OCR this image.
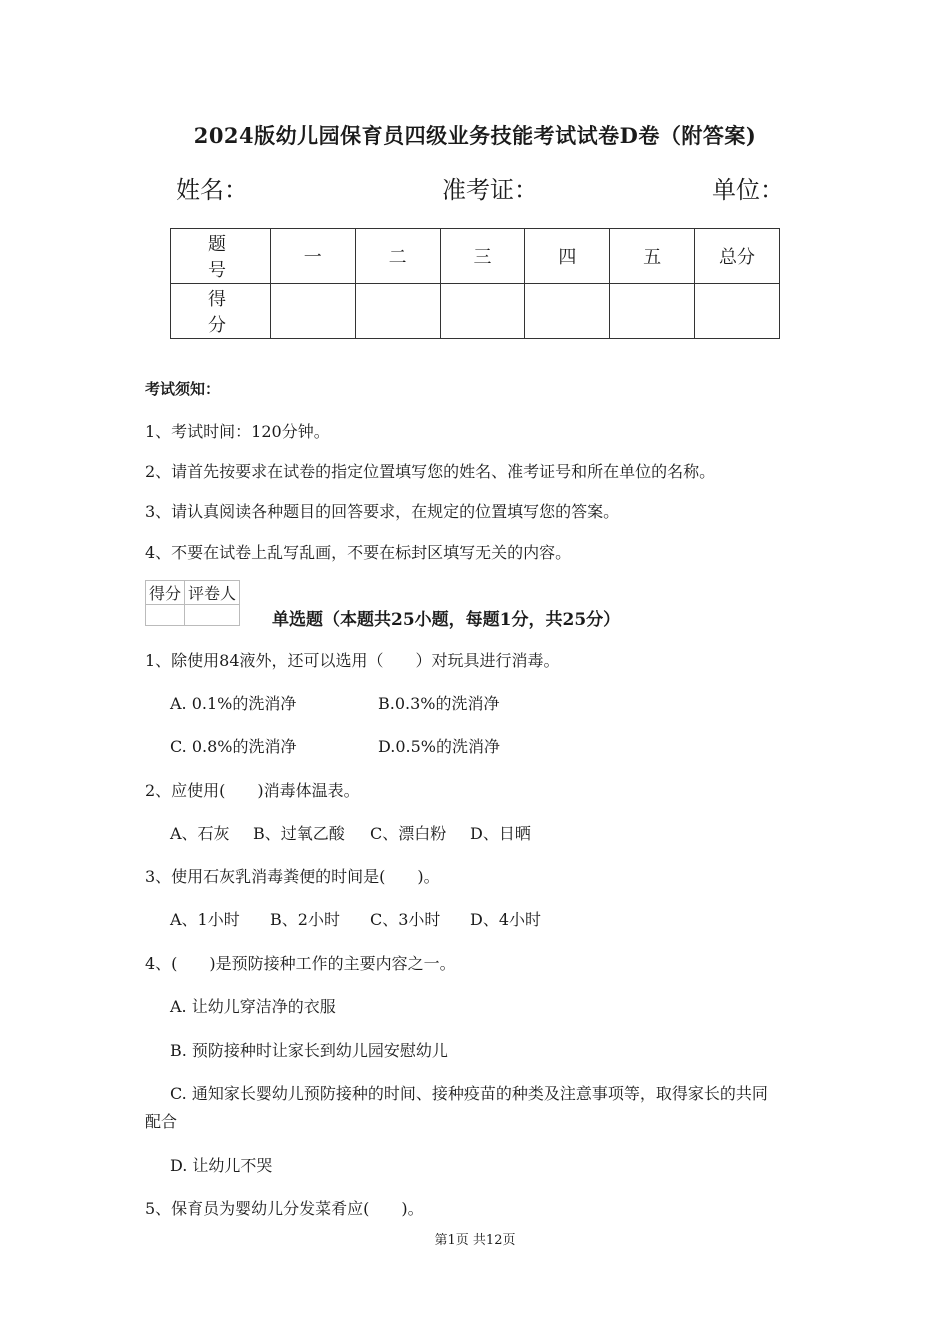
2024版幼儿园保育员四级业务技能考试试卷D卷（附答案)
姓名：	准考证：	单位：
题　号	一	二	三	四	五	总分
得　分						
考试须知：
1、考试时间：120分钟。
2、请首先按要求在试卷的指定位置填写您的姓名、准考证号和所在单位的名称。
3、请认真阅读各种题目的回答要求，在规定的位置填写您的答案。
4、不要在试卷上乱写乱画，不要在标封区填写无关的内容。
得分	评卷人

单选题（本题共25小题，每题1分，共25分）
1、除使用84液外，还可以选用（　　）对玩具进行消毒。
A. 0.1%的洗消净	B.0.3%的洗消净
C. 0.8%的洗消净	D.0.5%的洗消净
2、应使用(　　)消毒体温表。
A、石灰 B、过氧乙酸 C、漂白粉 D、日晒
3、使用石灰乳消毒粪便的时间是(　　)。
A、1小时 B、2小时 C、3小时 D、4小时
4、(　　)是预防接种工作的主要内容之一。
A. 让幼儿穿洁净的衣服
B. 预防接种时让家长到幼儿园安慰幼儿
C. 通知家长婴幼儿预防接种的时间、接种疫苗的种类及注意事项等，取得家长的共同
配合
D. 让幼儿不哭
5、保育员为婴幼儿分发菜肴应(　　)。
第1页 共12页
